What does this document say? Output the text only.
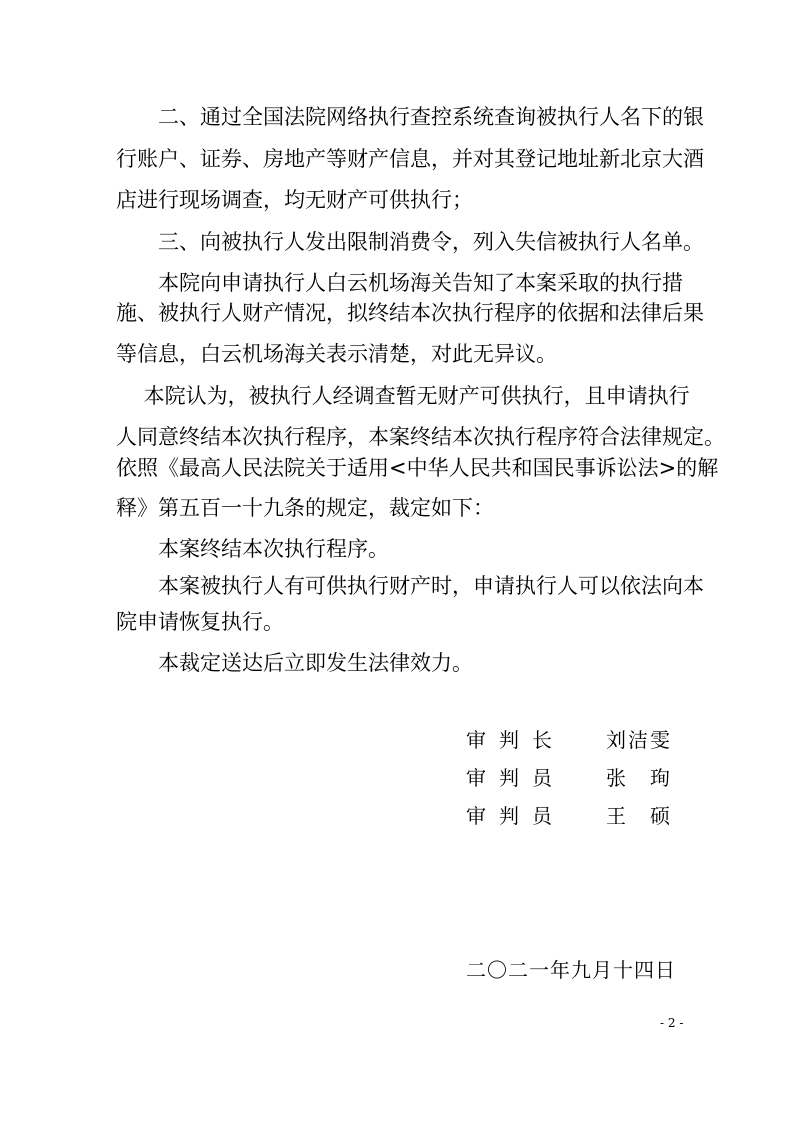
　　二、通过全国法院网络执行查控系统查询被执行人名下的银
行账户、证券、房地产等财产信息，并对其登记地址新北京大酒
店进行现场调查，均无财产可供执行；
　　三、向被执行人发出限制消费令，列入失信被执行人名单。
　　本院向申请执行人白云机场海关告知了本案采取的执行措
施、被执行人财产情况，拟终结本次执行程序的依据和法律后果
等信息，白云机场海关表示清楚，对此无异议。
　 本院认为，被执行人经调查暂无财产可供执行，且申请执行
人同意终结本次执行程序，本案终结本次执行程序符合法律规定。
依照《最高人民法院关于适用<中华人民共和国民事诉讼法>的解
释》第五百一十九条的规定，裁定如下：
　　本案终结本次执行程序。
　　本案被执行人有可供执行财产时，申请执行人可以依法向本
院申请恢复执行。
　　本裁定送达后立即发生法律效力。
审判长 刘洁雯
审判员 张　珣
审判员 王　硕
二〇二一年九月十四日
- 2 -
